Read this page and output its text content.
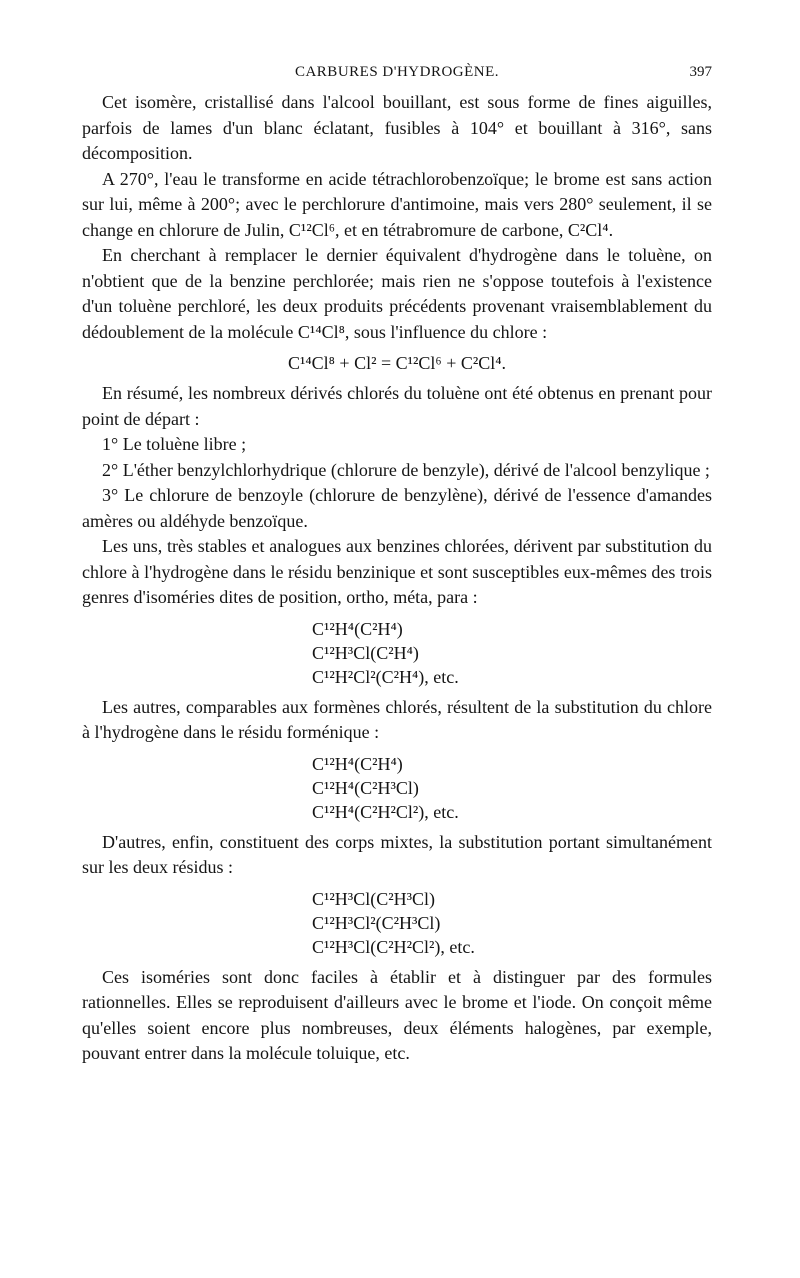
CARBURES D'HYDROGÈNE.	397

Cet isomère, cristallisé dans l'alcool bouillant, est sous forme de fines aiguilles, parfois de lames d'un blanc éclatant, fusibles à 104° et bouillant à 316°, sans décomposition.

A 270°, l'eau le transforme en acide tétrachlorobenzoïque; le brome est sans action sur lui, même à 200°; avec le perchlorure d'antimoine, mais vers 280° seulement, il se change en chlorure de Julin, C¹²Cl⁶, et en tétrabromure de carbone, C²Cl⁴.

En cherchant à remplacer le dernier équivalent d'hydrogène dans le toluène, on n'obtient que de la benzine perchlorée; mais rien ne s'oppose toutefois à l'existence d'un toluène perchloré, les deux produits précédents provenant vraisemblablement du dédoublement de la molécule C¹⁴Cl⁸, sous l'influence du chlore :

C¹⁴Cl⁸ + Cl² = C¹²Cl⁶ + C²Cl⁴.

En résumé, les nombreux dérivés chlorés du toluène ont été obtenus en prenant pour point de départ :

1° Le toluène libre ;

2° L'éther benzylchlorhydrique (chlorure de benzyle), dérivé de l'alcool benzylique ;

3° Le chlorure de benzoyle (chlorure de benzylène), dérivé de l'essence d'amandes amères ou aldéhyde benzoïque.

Les uns, très stables et analogues aux benzines chlorées, dérivent par substitution du chlore à l'hydrogène dans le résidu benzinique et sont susceptibles eux-mêmes des trois genres d'isoméries dites de position, ortho, méta, para :

C¹²H⁴(C²H⁴)
C¹²H³Cl(C²H⁴)
C¹²H²Cl²(C²H⁴), etc.

Les autres, comparables aux formènes chlorés, résultent de la substitution du chlore à l'hydrogène dans le résidu forménique :

C¹²H⁴(C²H⁴)
C¹²H⁴(C²H³Cl)
C¹²H⁴(C²H²Cl²), etc.

D'autres, enfin, constituent des corps mixtes, la substitution portant simultanément sur les deux résidus :

C¹²H³Cl(C²H³Cl)
C¹²H³Cl²(C²H³Cl)
C¹²H³Cl(C²H²Cl²), etc.

Ces isoméries sont donc faciles à établir et à distinguer par des formules rationnelles. Elles se reproduisent d'ailleurs avec le brome et l'iode. On conçoit même qu'elles soient encore plus nombreuses, deux éléments halogènes, par exemple, pouvant entrer dans la molécule toluique, etc.
